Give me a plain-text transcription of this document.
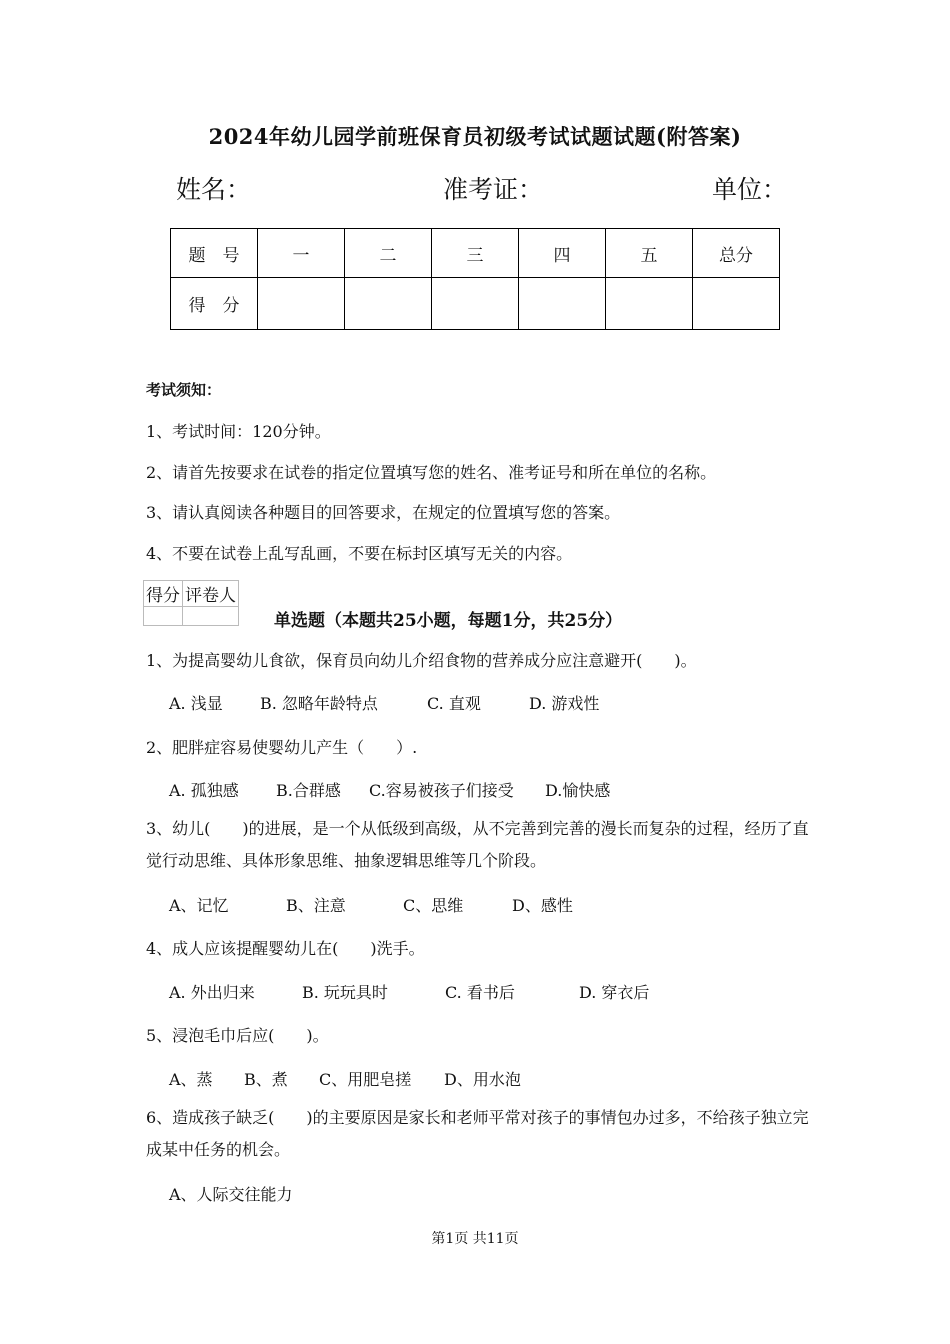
2024年幼儿园学前班保育员初级考试试题试题(附答案)
姓名：	准考证：	单位：
题　号	一	二	三	四	五	总分
得　分						
考试须知：
1、考试时间：120分钟。
2、请首先按要求在试卷的指定位置填写您的姓名、准考证号和所在单位的名称。
3、请认真阅读各种题目的回答要求，在规定的位置填写您的答案。
4、不要在试卷上乱写乱画，不要在标封区填写无关的内容。
得分	评卷人

单选题（本题共25小题，每题1分，共25分）
1、为提高婴幼儿食欲，保育员向幼儿介绍食物的营养成分应注意避开(　　)。
A. 浅显 B. 忽略年龄特点	C. 直观	D. 游戏性
2、肥胖症容易使婴幼儿产生（　　）.
A. 孤独感 B.合群感 C.容易被孩子们接受 D.愉快感
3、幼儿(　　)的进展，是一个从低级到高级，从不完善到完善的漫长而复杂的过程，经历了直觉行动思维、具体形象思维、抽象逻辑思维等几个阶段。
A、记忆	B、注意	C、思维	D、感性
4、成人应该提醒婴幼儿在(　　)洗手。
A. 外出归来	B. 玩玩具时	C. 看书后	D. 穿衣后
5、浸泡毛巾后应(　　)。
A、蒸 B、煮 C、用肥皂搓 D、用水泡
6、造成孩子缺乏(　　)的主要原因是家长和老师平常对孩子的事情包办过多，不给孩子独立完成某中任务的机会。
A、人际交往能力
第1页 共11页
